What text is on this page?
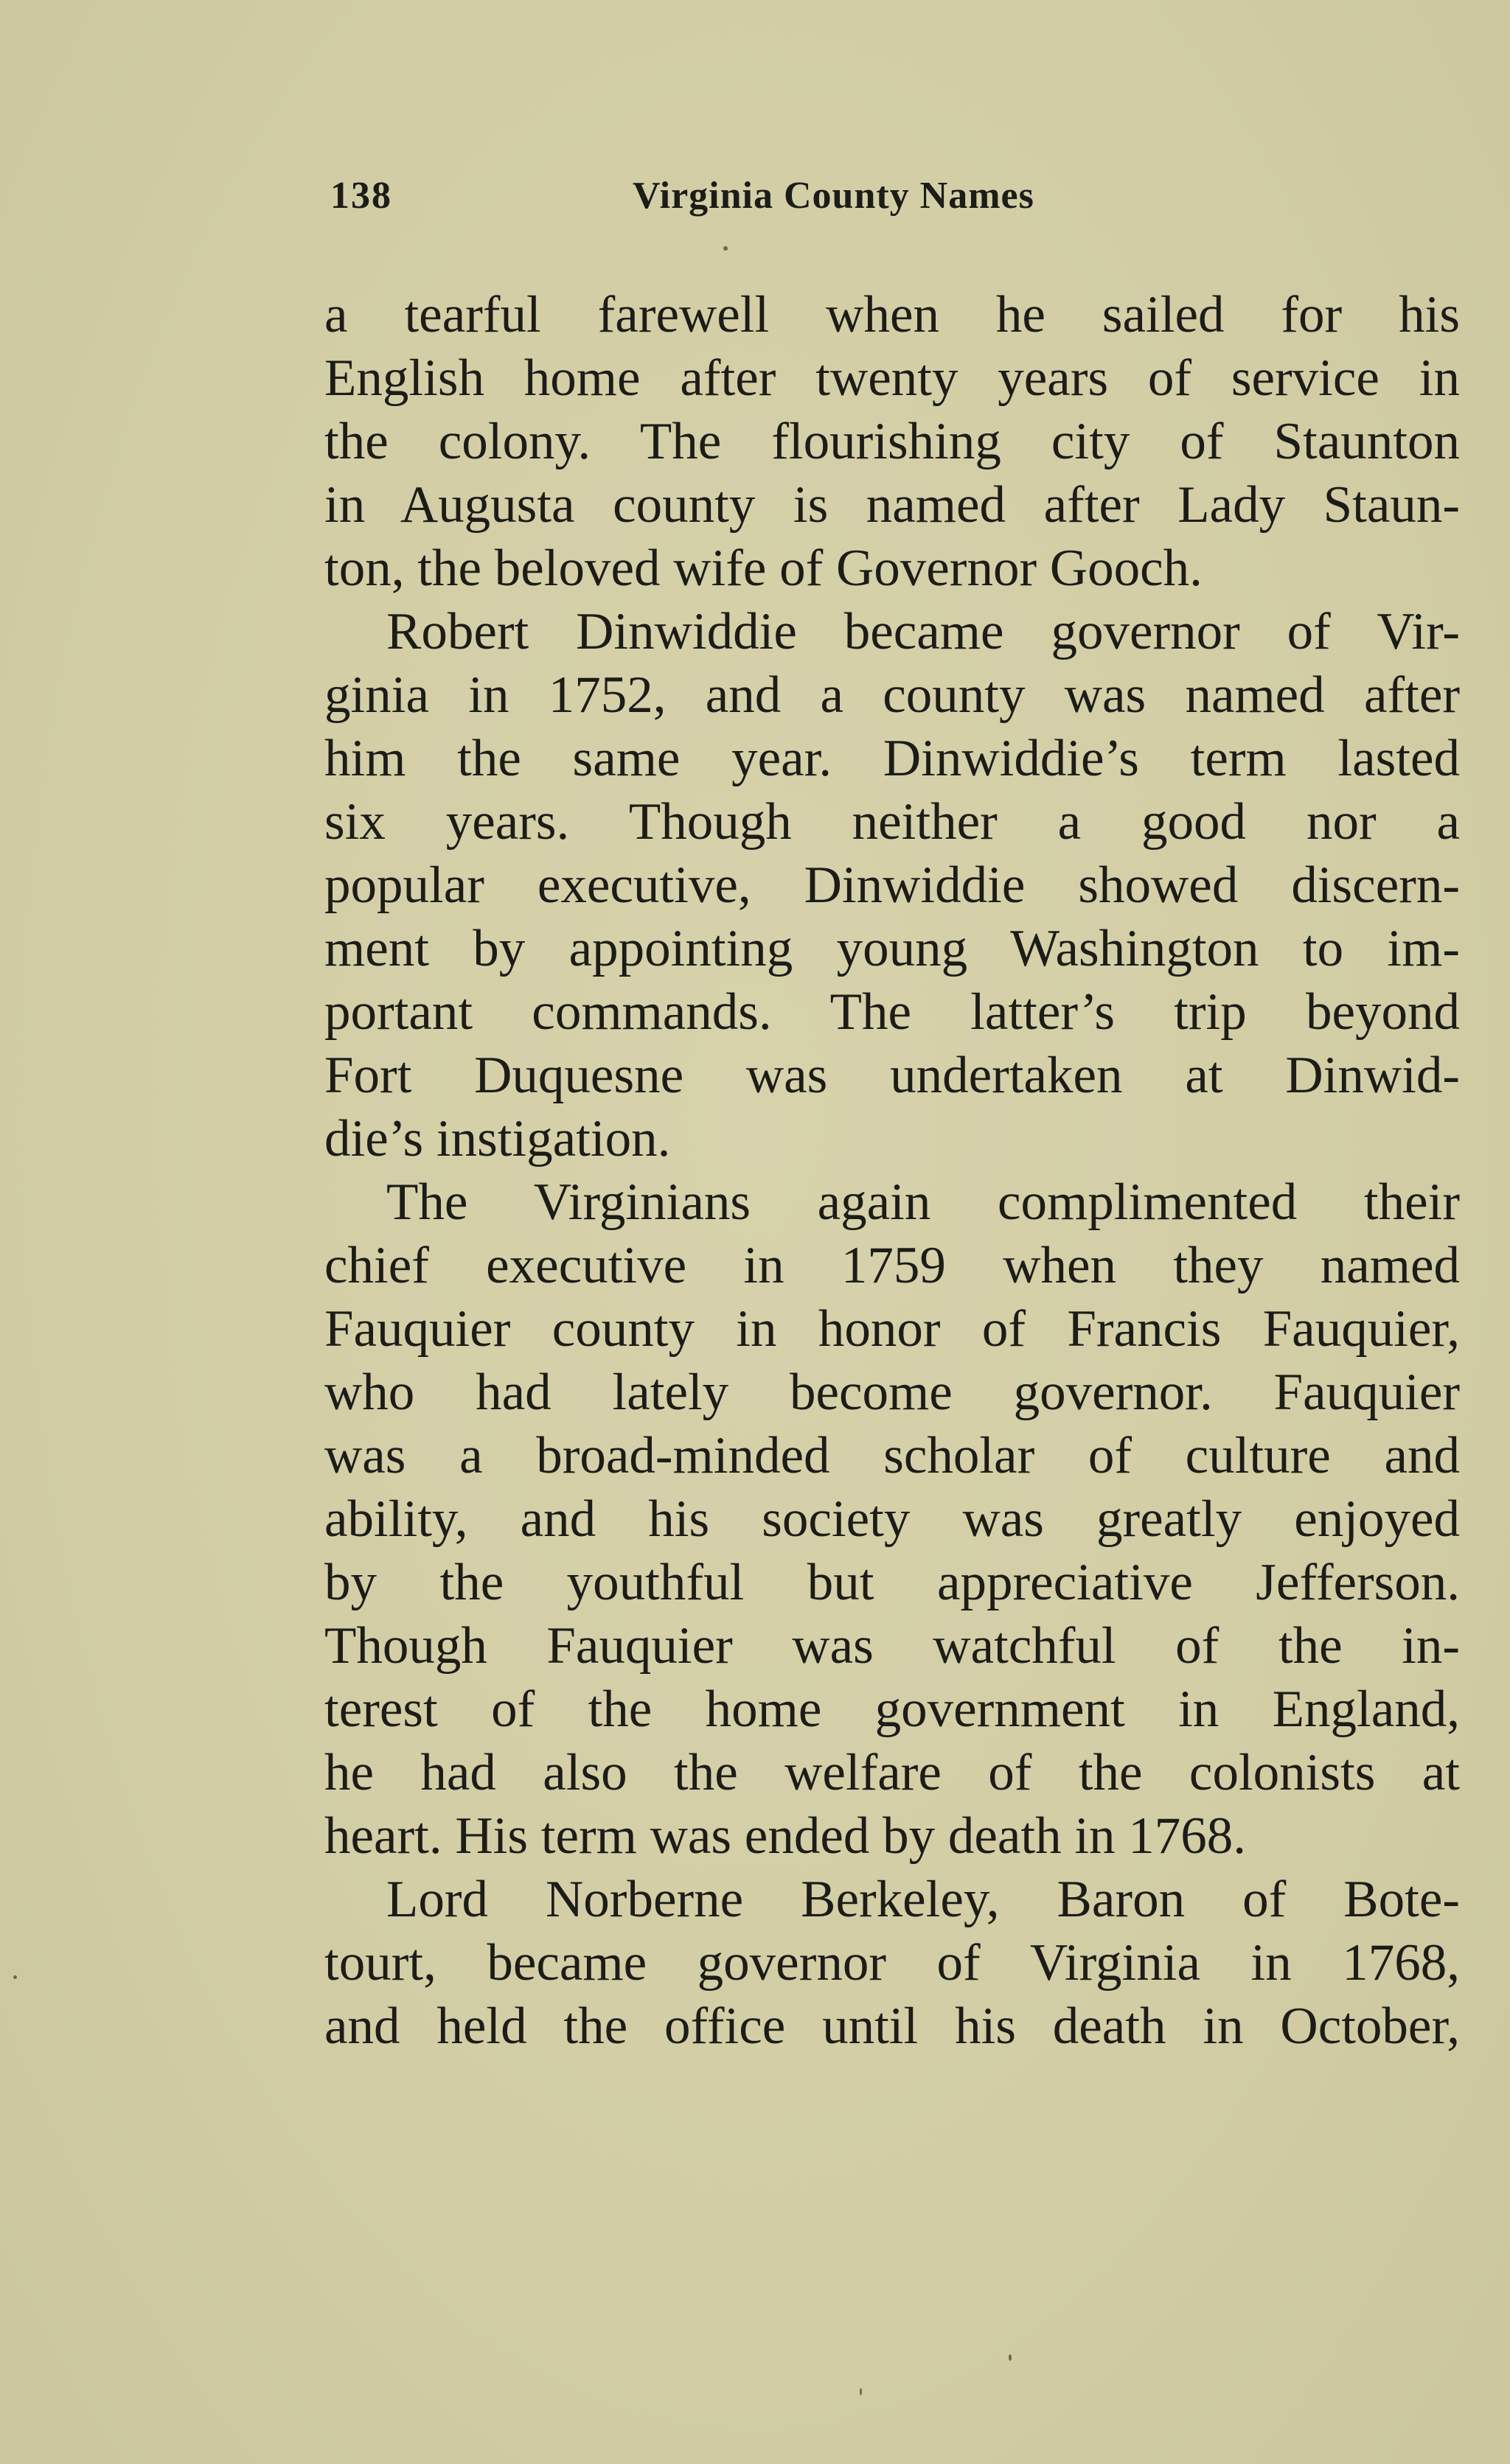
138	Virginia County Names
a tearful farewell when he sailed for his
English home after twenty years of service in
the colony. The flourishing city of Staunton
in Augusta county is named after Lady Staun-
ton, the beloved wife of Governor Gooch.
Robert Dinwiddie became governor of Vir-
ginia in 1752, and a county was named after
him the same year. Dinwiddie’s term lasted
six years. Though neither a good nor a
popular executive, Dinwiddie showed discern-
ment by appointing young Washington to im-
portant commands. The latter’s trip beyond
Fort Duquesne was undertaken at Dinwid-
die’s instigation.
The Virginians again complimented their
chief executive in 1759 when they named
Fauquier county in honor of Francis Fauquier,
who had lately become governor. Fauquier
was a broad-minded scholar of culture and
ability, and his society was greatly enjoyed
by the youthful but appreciative Jefferson.
Though Fauquier was watchful of the in-
terest of the home government in England,
he had also the welfare of the colonists at
heart. His term was ended by death in 1768.
Lord Norberne Berkeley, Baron of Bote-
tourt, became governor of Virginia in 1768,
and held the office until his death in October,
